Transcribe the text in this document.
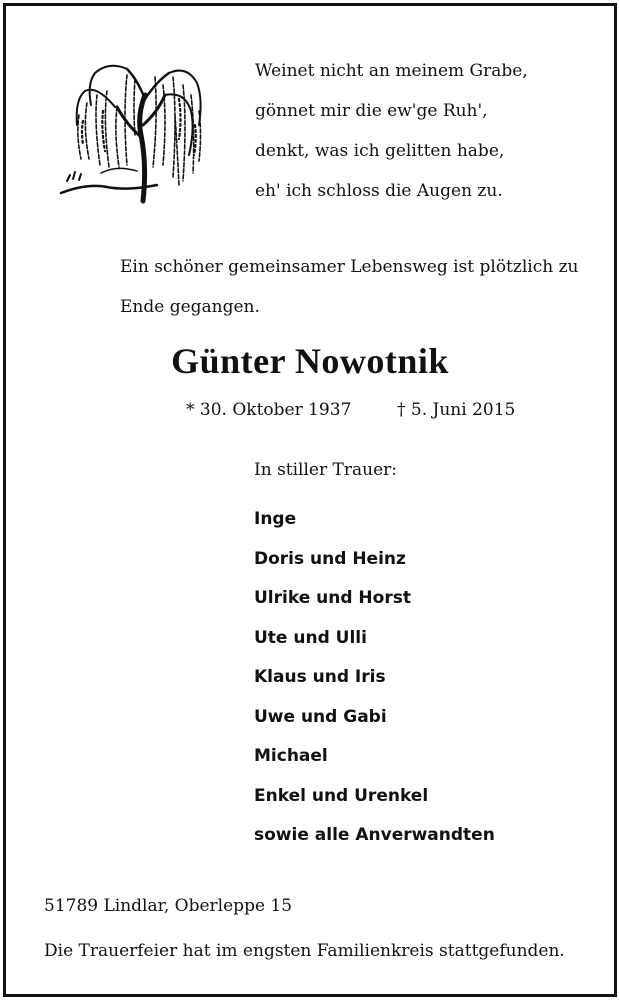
Weinet nicht an meinem Grabe,
gönnet mir die ew'ge Ruh',
denkt, was ich gelitten habe,
eh' ich schloss die Augen zu.
Ein schöner gemeinsamer Lebensweg ist plötzlich zu Ende gegangen.
Günter Nowotnik
* 30. Oktober 1937	† 5. Juni 2015
In stiller Trauer:
Inge
Doris und Heinz
Ulrike und Horst
Ute und Ulli
Klaus und Iris
Uwe und Gabi
Michael
Enkel und Urenkel
sowie alle Anverwandten
51789 Lindlar, Oberleppe 15
Die Trauerfeier hat im engsten Familienkreis stattgefunden.
